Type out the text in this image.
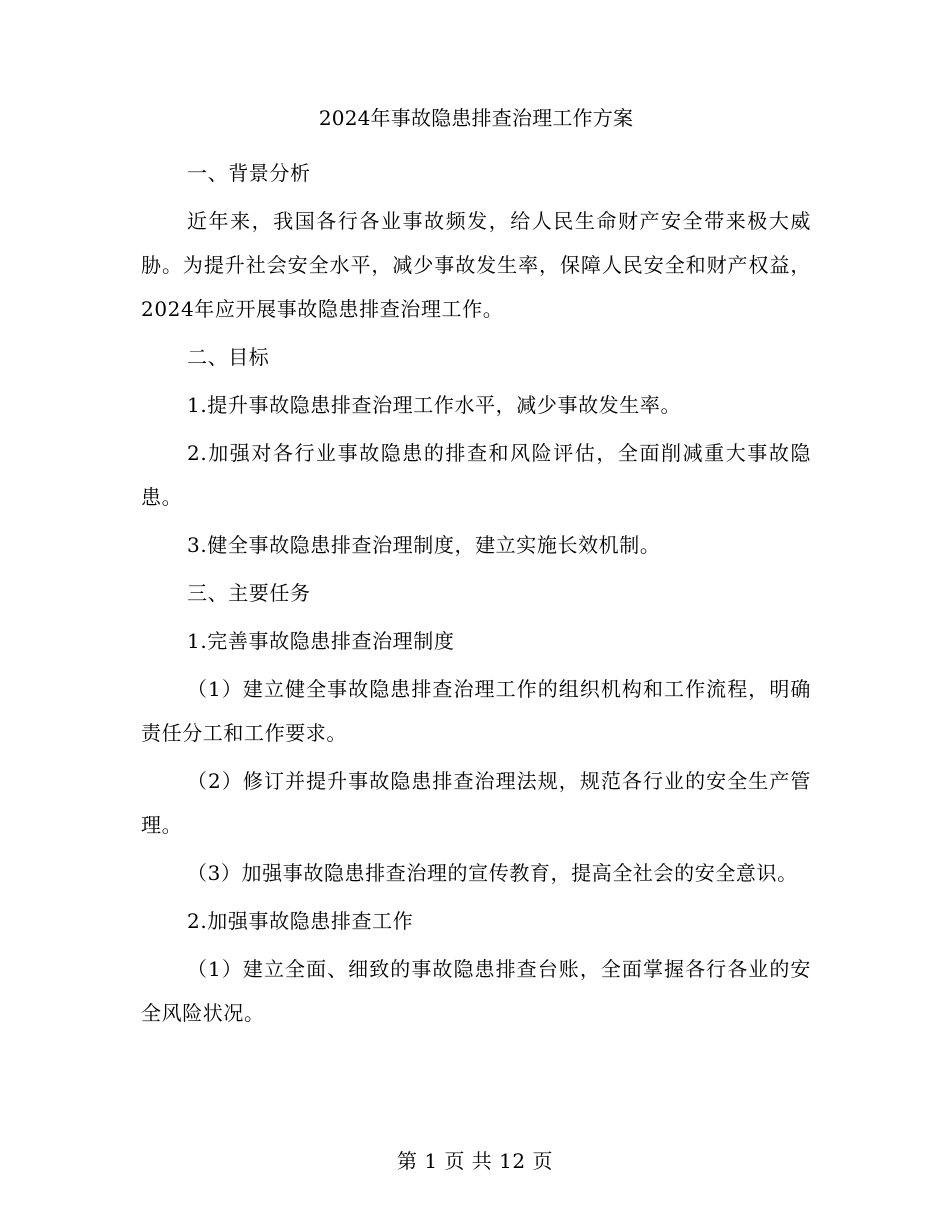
2024年事故隐患排查治理工作方案

一、背景分析

近年来，我国各行各业事故频发，给人民生命财产安全带来极大威胁。为提升社会安全水平，减少事故发生率，保障人民安全和财产权益，2024年应开展事故隐患排查治理工作。

二、目标

1.提升事故隐患排查治理工作水平，减少事故发生率。

2.加强对各行业事故隐患的排查和风险评估，全面削减重大事故隐患。

3.健全事故隐患排查治理制度，建立实施长效机制。

三、主要任务

1.完善事故隐患排查治理制度

（1）建立健全事故隐患排查治理工作的组织机构和工作流程，明确责任分工和工作要求。

（2）修订并提升事故隐患排查治理法规，规范各行业的安全生产管理。

（3）加强事故隐患排查治理的宣传教育，提高全社会的安全意识。

2.加强事故隐患排查工作

（1）建立全面、细致的事故隐患排查台账，全面掌握各行各业的安全风险状况。

第 1 页 共 12 页
